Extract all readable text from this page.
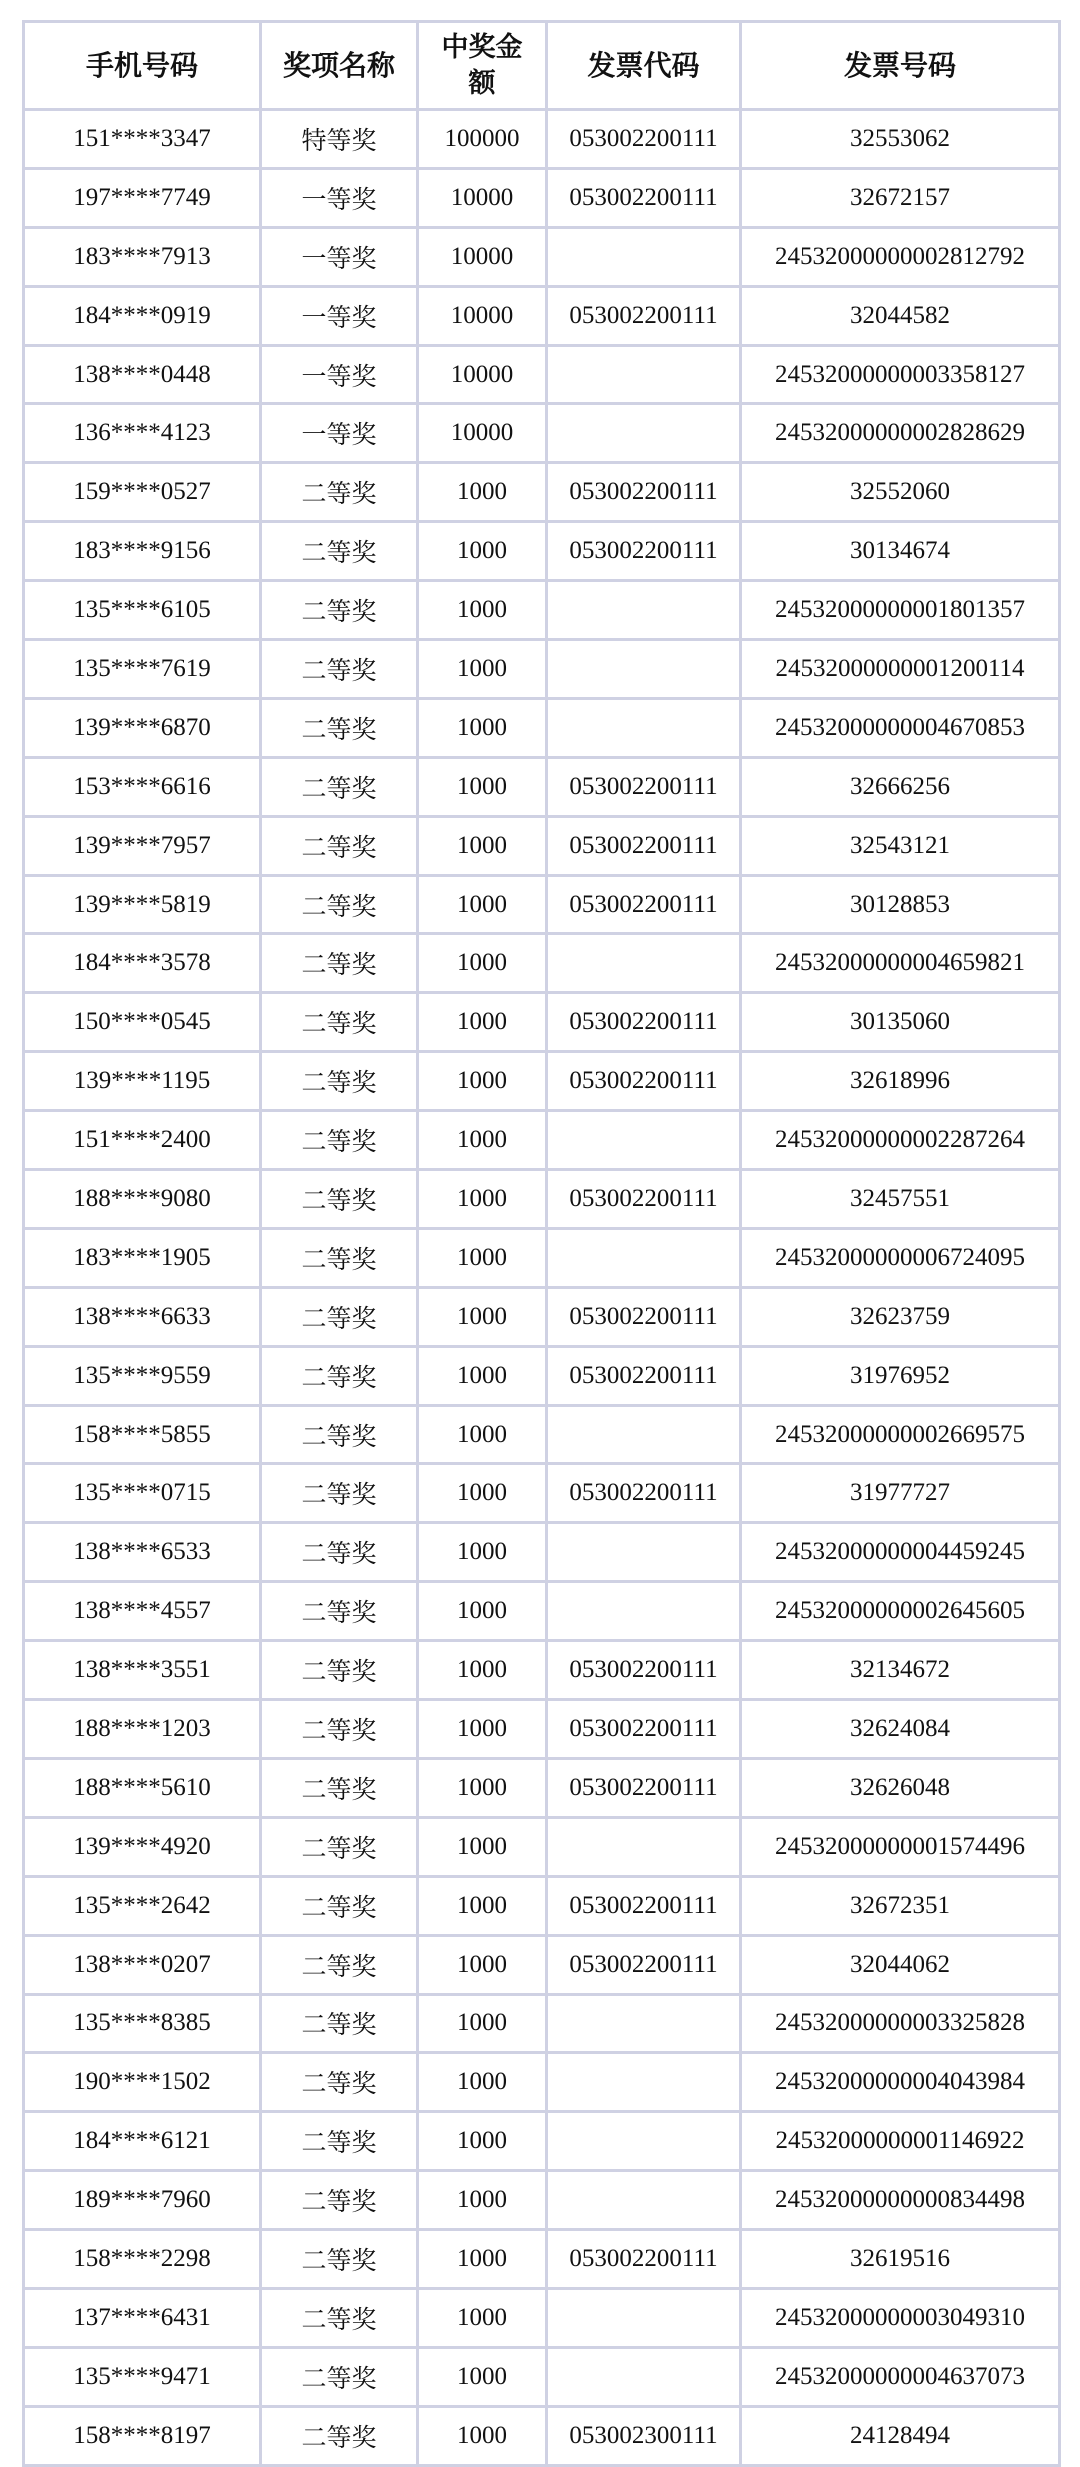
手机号码	奖项名称	中奖金额	发票代码	发票号码
151****3347	特等奖	100000	053002200111	32553062
197****7749	一等奖	10000	053002200111	32672157
183****7913	一等奖	10000		24532000000002812792
184****0919	一等奖	10000	053002200111	32044582
138****0448	一等奖	10000		24532000000003358127
136****4123	一等奖	10000		24532000000002828629
159****0527	二等奖	1000	053002200111	32552060
183****9156	二等奖	1000	053002200111	30134674
135****6105	二等奖	1000		24532000000001801357
135****7619	二等奖	1000		24532000000001200114
139****6870	二等奖	1000		24532000000004670853
153****6616	二等奖	1000	053002200111	32666256
139****7957	二等奖	1000	053002200111	32543121
139****5819	二等奖	1000	053002200111	30128853
184****3578	二等奖	1000		24532000000004659821
150****0545	二等奖	1000	053002200111	30135060
139****1195	二等奖	1000	053002200111	32618996
151****2400	二等奖	1000		24532000000002287264
188****9080	二等奖	1000	053002200111	32457551
183****1905	二等奖	1000		24532000000006724095
138****6633	二等奖	1000	053002200111	32623759
135****9559	二等奖	1000	053002200111	31976952
158****5855	二等奖	1000		24532000000002669575
135****0715	二等奖	1000	053002200111	31977727
138****6533	二等奖	1000		24532000000004459245
138****4557	二等奖	1000		24532000000002645605
138****3551	二等奖	1000	053002200111	32134672
188****1203	二等奖	1000	053002200111	32624084
188****5610	二等奖	1000	053002200111	32626048
139****4920	二等奖	1000		24532000000001574496
135****2642	二等奖	1000	053002200111	32672351
138****0207	二等奖	1000	053002200111	32044062
135****8385	二等奖	1000		24532000000003325828
190****1502	二等奖	1000		24532000000004043984
184****6121	二等奖	1000		24532000000001146922
189****7960	二等奖	1000		24532000000000834498
158****2298	二等奖	1000	053002200111	32619516
137****6431	二等奖	1000		24532000000003049310
135****9471	二等奖	1000		24532000000004637073
158****8197	二等奖	1000	053002300111	24128494
